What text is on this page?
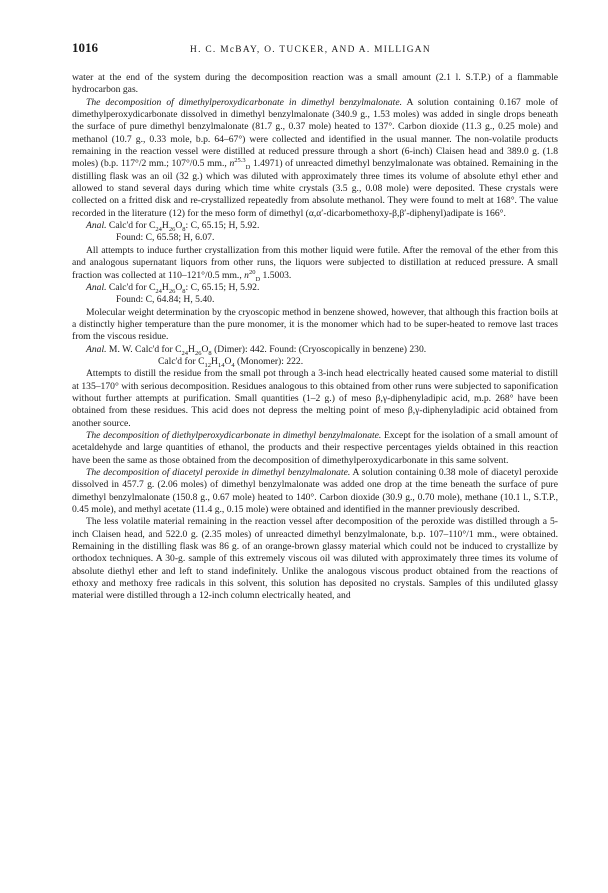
1016	H. C. McBAY, O. TUCKER, AND A. MILLIGAN

water at the end of the system during the decomposition reaction was a small amount (2.1 l. S.T.P.) of a flammable hydrocarbon gas.

The decomposition of dimethylperoxydicarbonate in dimethyl benzylmalonate. A solution containing 0.167 mole of dimethylperoxydicarbonate dissolved in dimethyl benzylmalonate (340.9 g., 1.53 moles) was added in single drops beneath the surface of pure dimethyl benzylmalonate (81.7 g., 0.37 mole) heated to 137°. Carbon dioxide (11.3 g., 0.25 mole) and methanol (10.7 g., 0.33 mole, b.p. 64–67°) were collected and identified in the usual manner. The non-volatile products remaining in the reaction vessel were distilled at reduced pressure through a short (6-inch) Claisen head and 389.0 g. (1.8 moles) (b.p. 117°/2 mm.; 107°/0.5 mm., $n^{25.3}_D$ 1.4971) of unreacted dimethyl benzylmalonate was obtained. Remaining in the distilling flask was an oil (32 g.) which was diluted with approximately three times its volume of absolute ethyl ether and allowed to stand several days during which time white crystals (3.5 g., 0.08 mole) were deposited. These crystals were collected on a fritted disk and re-crystallized repeatedly from absolute methanol. They were found to melt at 168°. The value recorded in the literature (12) for the meso form of dimethyl (α,α′-dicarbomethoxy-β,β′-diphenyl)adipate is 166°.

Anal. Calc'd for $C_{24}H_{26}O_8$: C, 65.15; H, 5.92.

Found: C, 65.58; H, 6.07.

All attempts to induce further crystallization from this mother liquid were futile. After the removal of the ether from this and analogous supernatant liquors from other runs, the liquors were subjected to distillation at reduced pressure. A small fraction was collected at 110–121°/0.5 mm., $n^{20}_D$ 1.5003.

Anal. Calc'd for $C_{24}H_{26}O_8$: C, 65.15; H, 5.92.

Found: C, 64.84; H, 5.40.

Molecular weight determination by the cryoscopic method in benzene showed, however, that although this fraction boils at a distinctly higher temperature than the pure monomer, it is the monomer which had to be super-heated to remove last traces from the viscous residue.

Anal. M. W. Calc'd for $C_{24}H_{26}O_8$ (Dimer): 442. Found: (Cryoscopically in benzene) 230.

Calc'd for $C_{12}H_{14}O_4$ (Monomer): 222.

Attempts to distill the residue from the small pot through a 3-inch head electrically heated caused some material to distill at 135–170° with serious decomposition. Residues analogous to this obtained from other runs were subjected to saponification without further attempts at purification. Small quantities (1–2 g.) of meso β,γ-diphenyladipic acid, m.p. 268° have been obtained from these residues. This acid does not depress the melting point of meso β,γ-diphenyladipic acid obtained from another source.

The decomposition of diethylperoxydicarbonate in dimethyl benzylmalonate. Except for the isolation of a small amount of acetaldehyde and large quantities of ethanol, the products and their respective percentages yields obtained in this reaction have been the same as those obtained from the decomposition of dimethylperoxydicarbonate in this same solvent.

The decomposition of diacetyl peroxide in dimethyl benzylmalonate. A solution containing 0.38 mole of diacetyl peroxide dissolved in 457.7 g. (2.06 moles) of dimethyl benzylmalonate was added one drop at the time beneath the surface of pure dimethyl benzylmalonate (150.8 g., 0.67 mole) heated to 140°. Carbon dioxide (30.9 g., 0.70 mole), methane (10.1 l., S.T.P., 0.45 mole), and methyl acetate (11.4 g., 0.15 mole) were obtained and identified in the manner previously described.

The less volatile material remaining in the reaction vessel after decomposition of the peroxide was distilled through a 5-inch Claisen head, and 522.0 g. (2.35 moles) of unreacted dimethyl benzylmalonate, b.p. 107–110°/1 mm., were obtained. Remaining in the distilling flask was 86 g. of an orange-brown glassy material which could not be induced to crystallize by orthodox techniques. A 30-g. sample of this extremely viscous oil was diluted with approximately three times its volume of absolute diethyl ether and left to stand indefinitely. Unlike the analogous viscous product obtained from the reactions of ethoxy and methoxy free radicals in this solvent, this solution has deposited no crystals. Samples of this undiluted glassy material were distilled through a 12-inch column electrically heated, and
